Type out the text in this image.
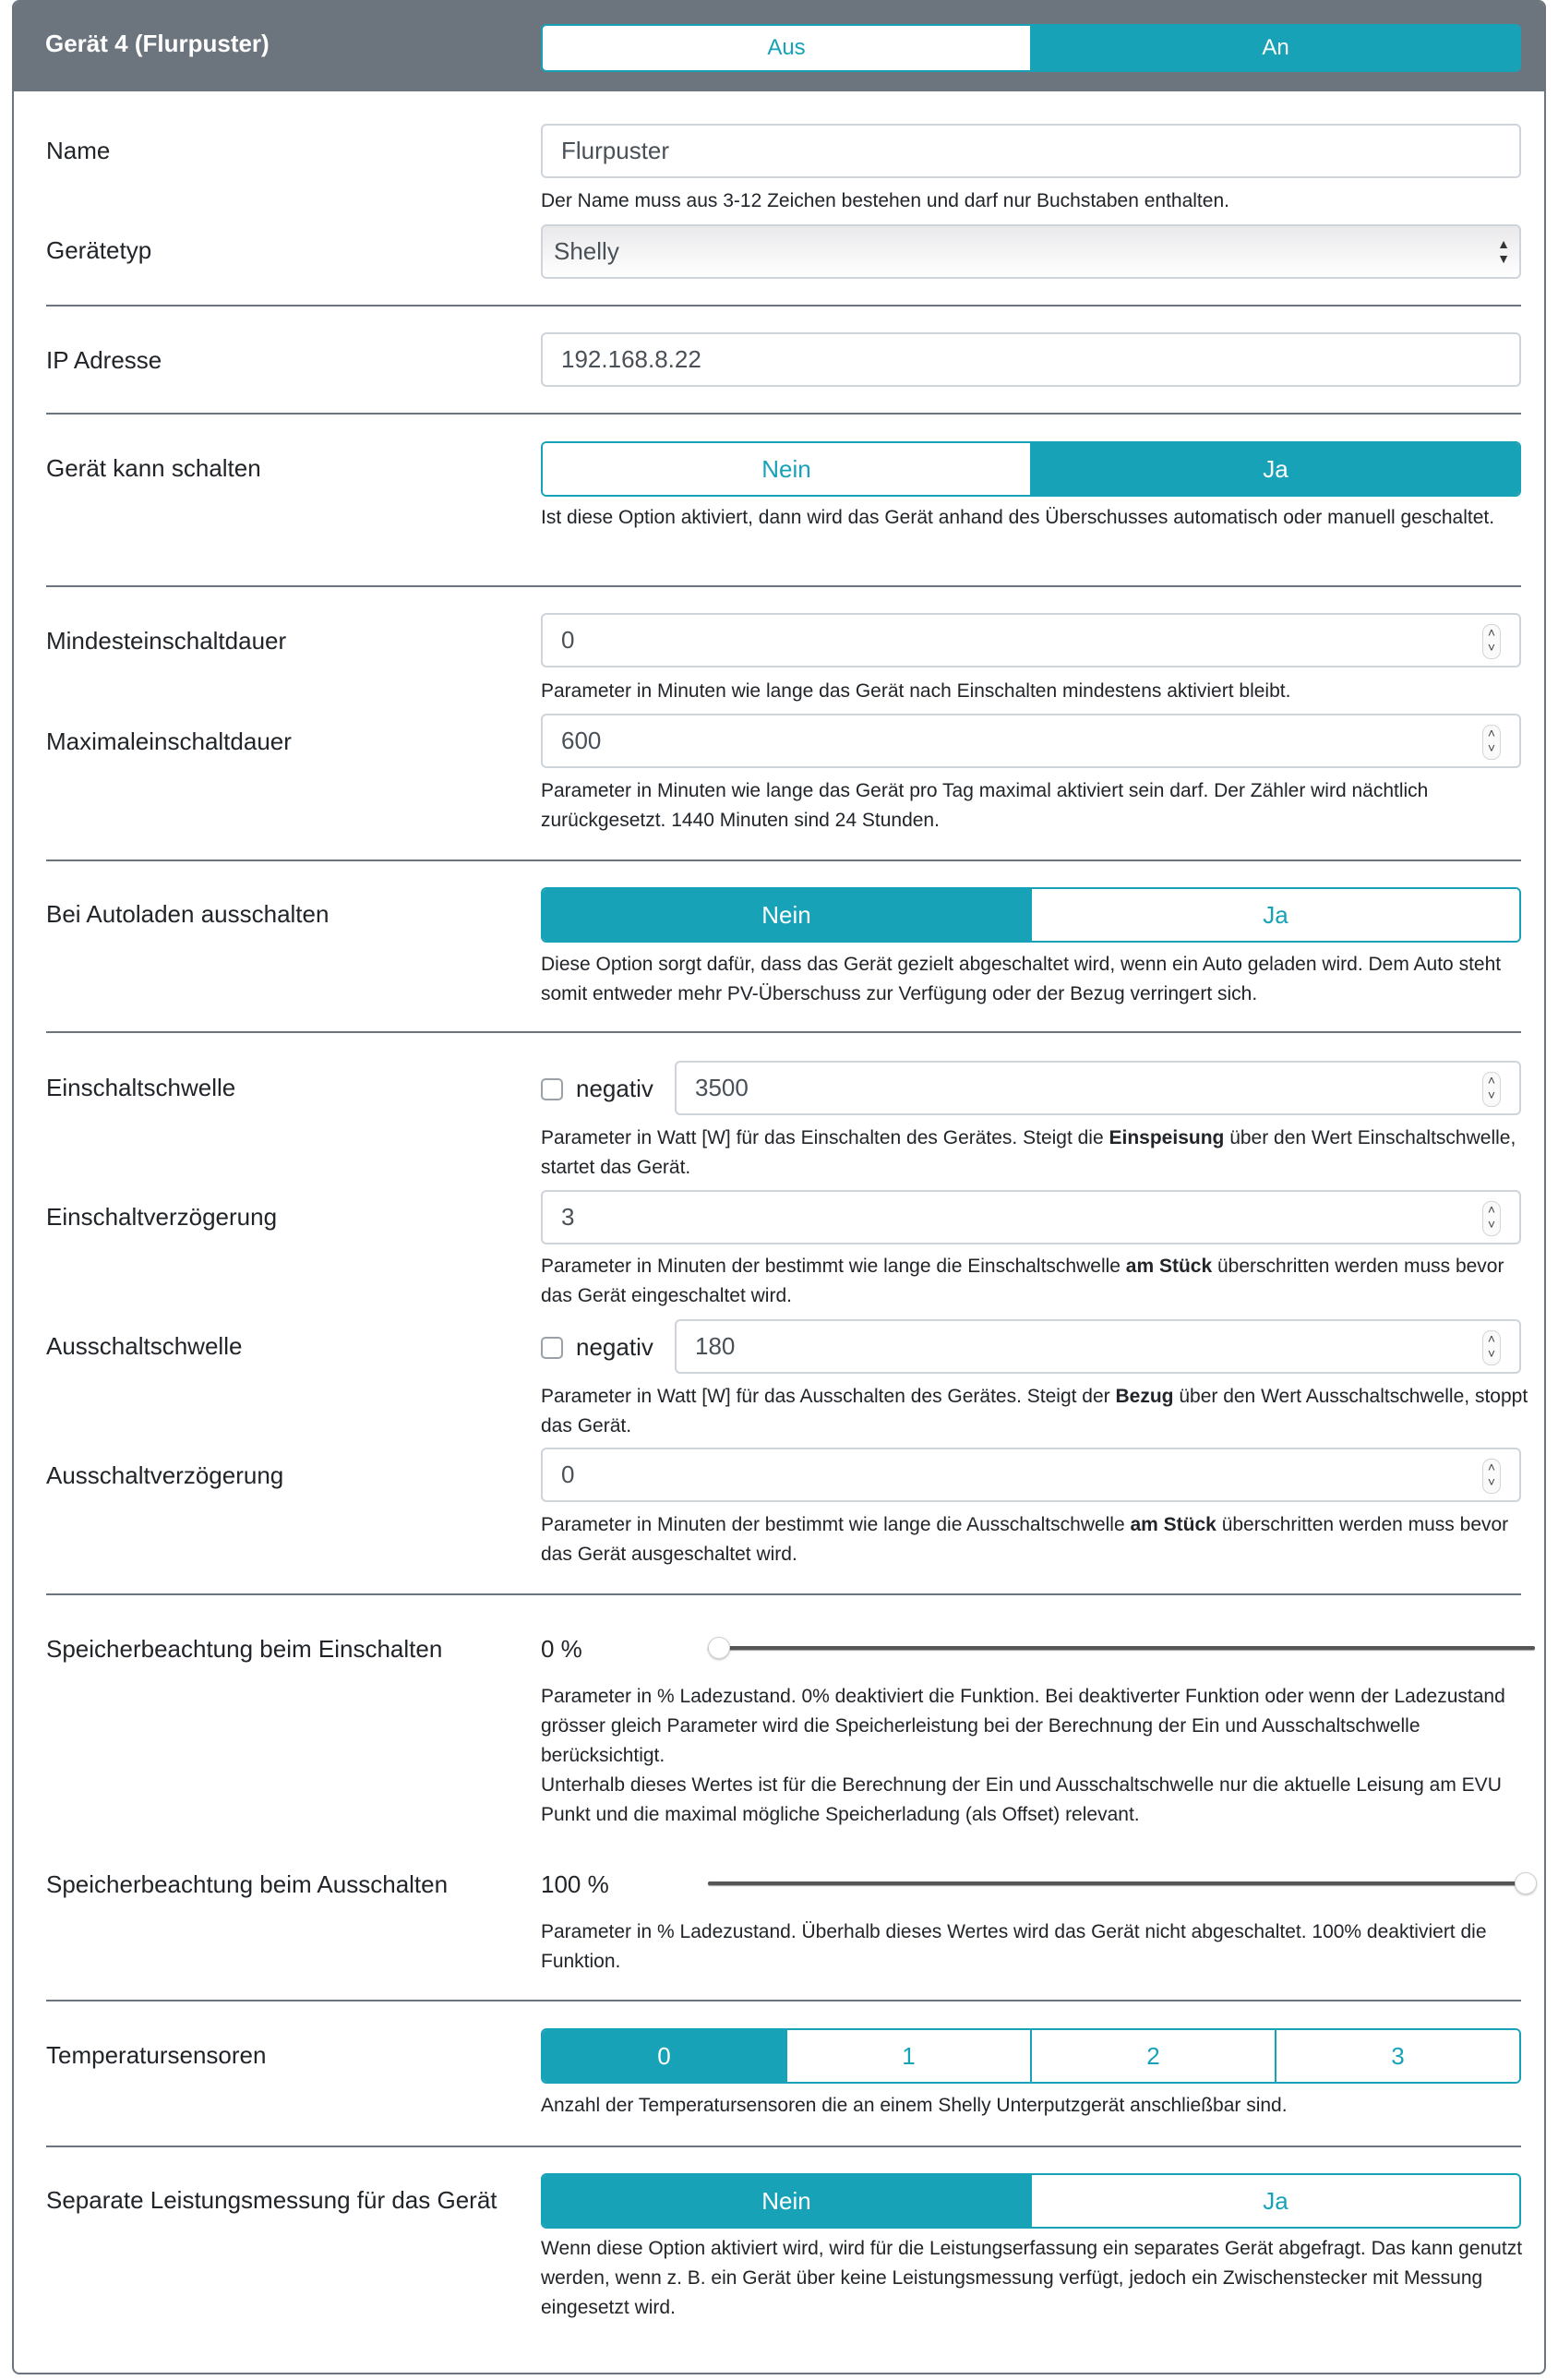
Gerät 4 (Flurpuster)	Aus	An
Name	Flurpuster
Der Name muss aus 3-12 Zeichen bestehen und darf nur Buchstaben enthalten.
Gerätetyp	Shelly	▲
▼
IP Adresse	192.168.8.22
Gerät kann schalten	Nein	Ja
Ist diese Option aktiviert, dann wird das Gerät anhand des Überschusses automatisch oder manuell geschaltet.
Mindesteinschaltdauer	0	˄
˅
Parameter in Minuten wie lange das Gerät nach Einschalten mindestens aktiviert bleibt.
Maximaleinschaltdauer	600	˄
˅
Parameter in Minuten wie lange das Gerät pro Tag maximal aktiviert sein darf. Der Zähler wird nächtlich zurückgesetzt. 1440 Minuten sind 24 Stunden.
Bei Autoladen ausschalten	Nein	Ja
Diese Option sorgt dafür, dass das Gerät gezielt abgeschaltet wird, wenn ein Auto geladen wird. Dem Auto steht somit entweder mehr PV-Überschuss zur Verfügung oder der Bezug verringert sich.
Einschaltschwelle	negativ	3500	˄
˅
Parameter in Watt [W] für das Einschalten des Gerätes. Steigt die Einspeisung über den Wert Einschaltschwelle, startet das Gerät.
Einschaltverzögerung	3	˄
˅
Parameter in Minuten der bestimmt wie lange die Einschaltschwelle am Stück überschritten werden muss bevor das Gerät eingeschaltet wird.
Ausschaltschwelle	negativ	180	˄
˅
Parameter in Watt [W] für das Ausschalten des Gerätes. Steigt der Bezug über den Wert Ausschaltschwelle, stoppt das Gerät.
Ausschaltverzögerung	0	˄
˅
Parameter in Minuten der bestimmt wie lange die Ausschaltschwelle am Stück überschritten werden muss bevor das Gerät ausgeschaltet wird.
Speicherbeachtung beim Einschalten	0 %
Parameter in % Ladezustand. 0% deaktiviert die Funktion. Bei deaktiverter Funktion oder wenn der Ladezustand grösser gleich Parameter wird die Speicherleistung bei der Berechnung der Ein und Ausschaltschwelle berücksichtigt.
Unterhalb dieses Wertes ist für die Berechnung der Ein und Ausschaltschwelle nur die aktuelle Leisung am EVU Punkt und die maximal mögliche Speicherladung (als Offset) relevant.
Speicherbeachtung beim Ausschalten	100 %
Parameter in % Ladezustand. Überhalb dieses Wertes wird das Gerät nicht abgeschaltet. 100% deaktiviert die Funktion.
Temperatursensoren	0	1	2	3
Anzahl der Temperatursensoren die an einem Shelly Unterputzgerät anschließbar sind.
Separate Leistungsmessung für das Gerät	Nein	Ja
Wenn diese Option aktiviert wird, wird für die Leistungserfassung ein separates Gerät abgefragt. Das kann genutzt werden, wenn z. B. ein Gerät über keine Leistungsmessung verfügt, jedoch ein Zwischenstecker mit Messung eingesetzt wird.
